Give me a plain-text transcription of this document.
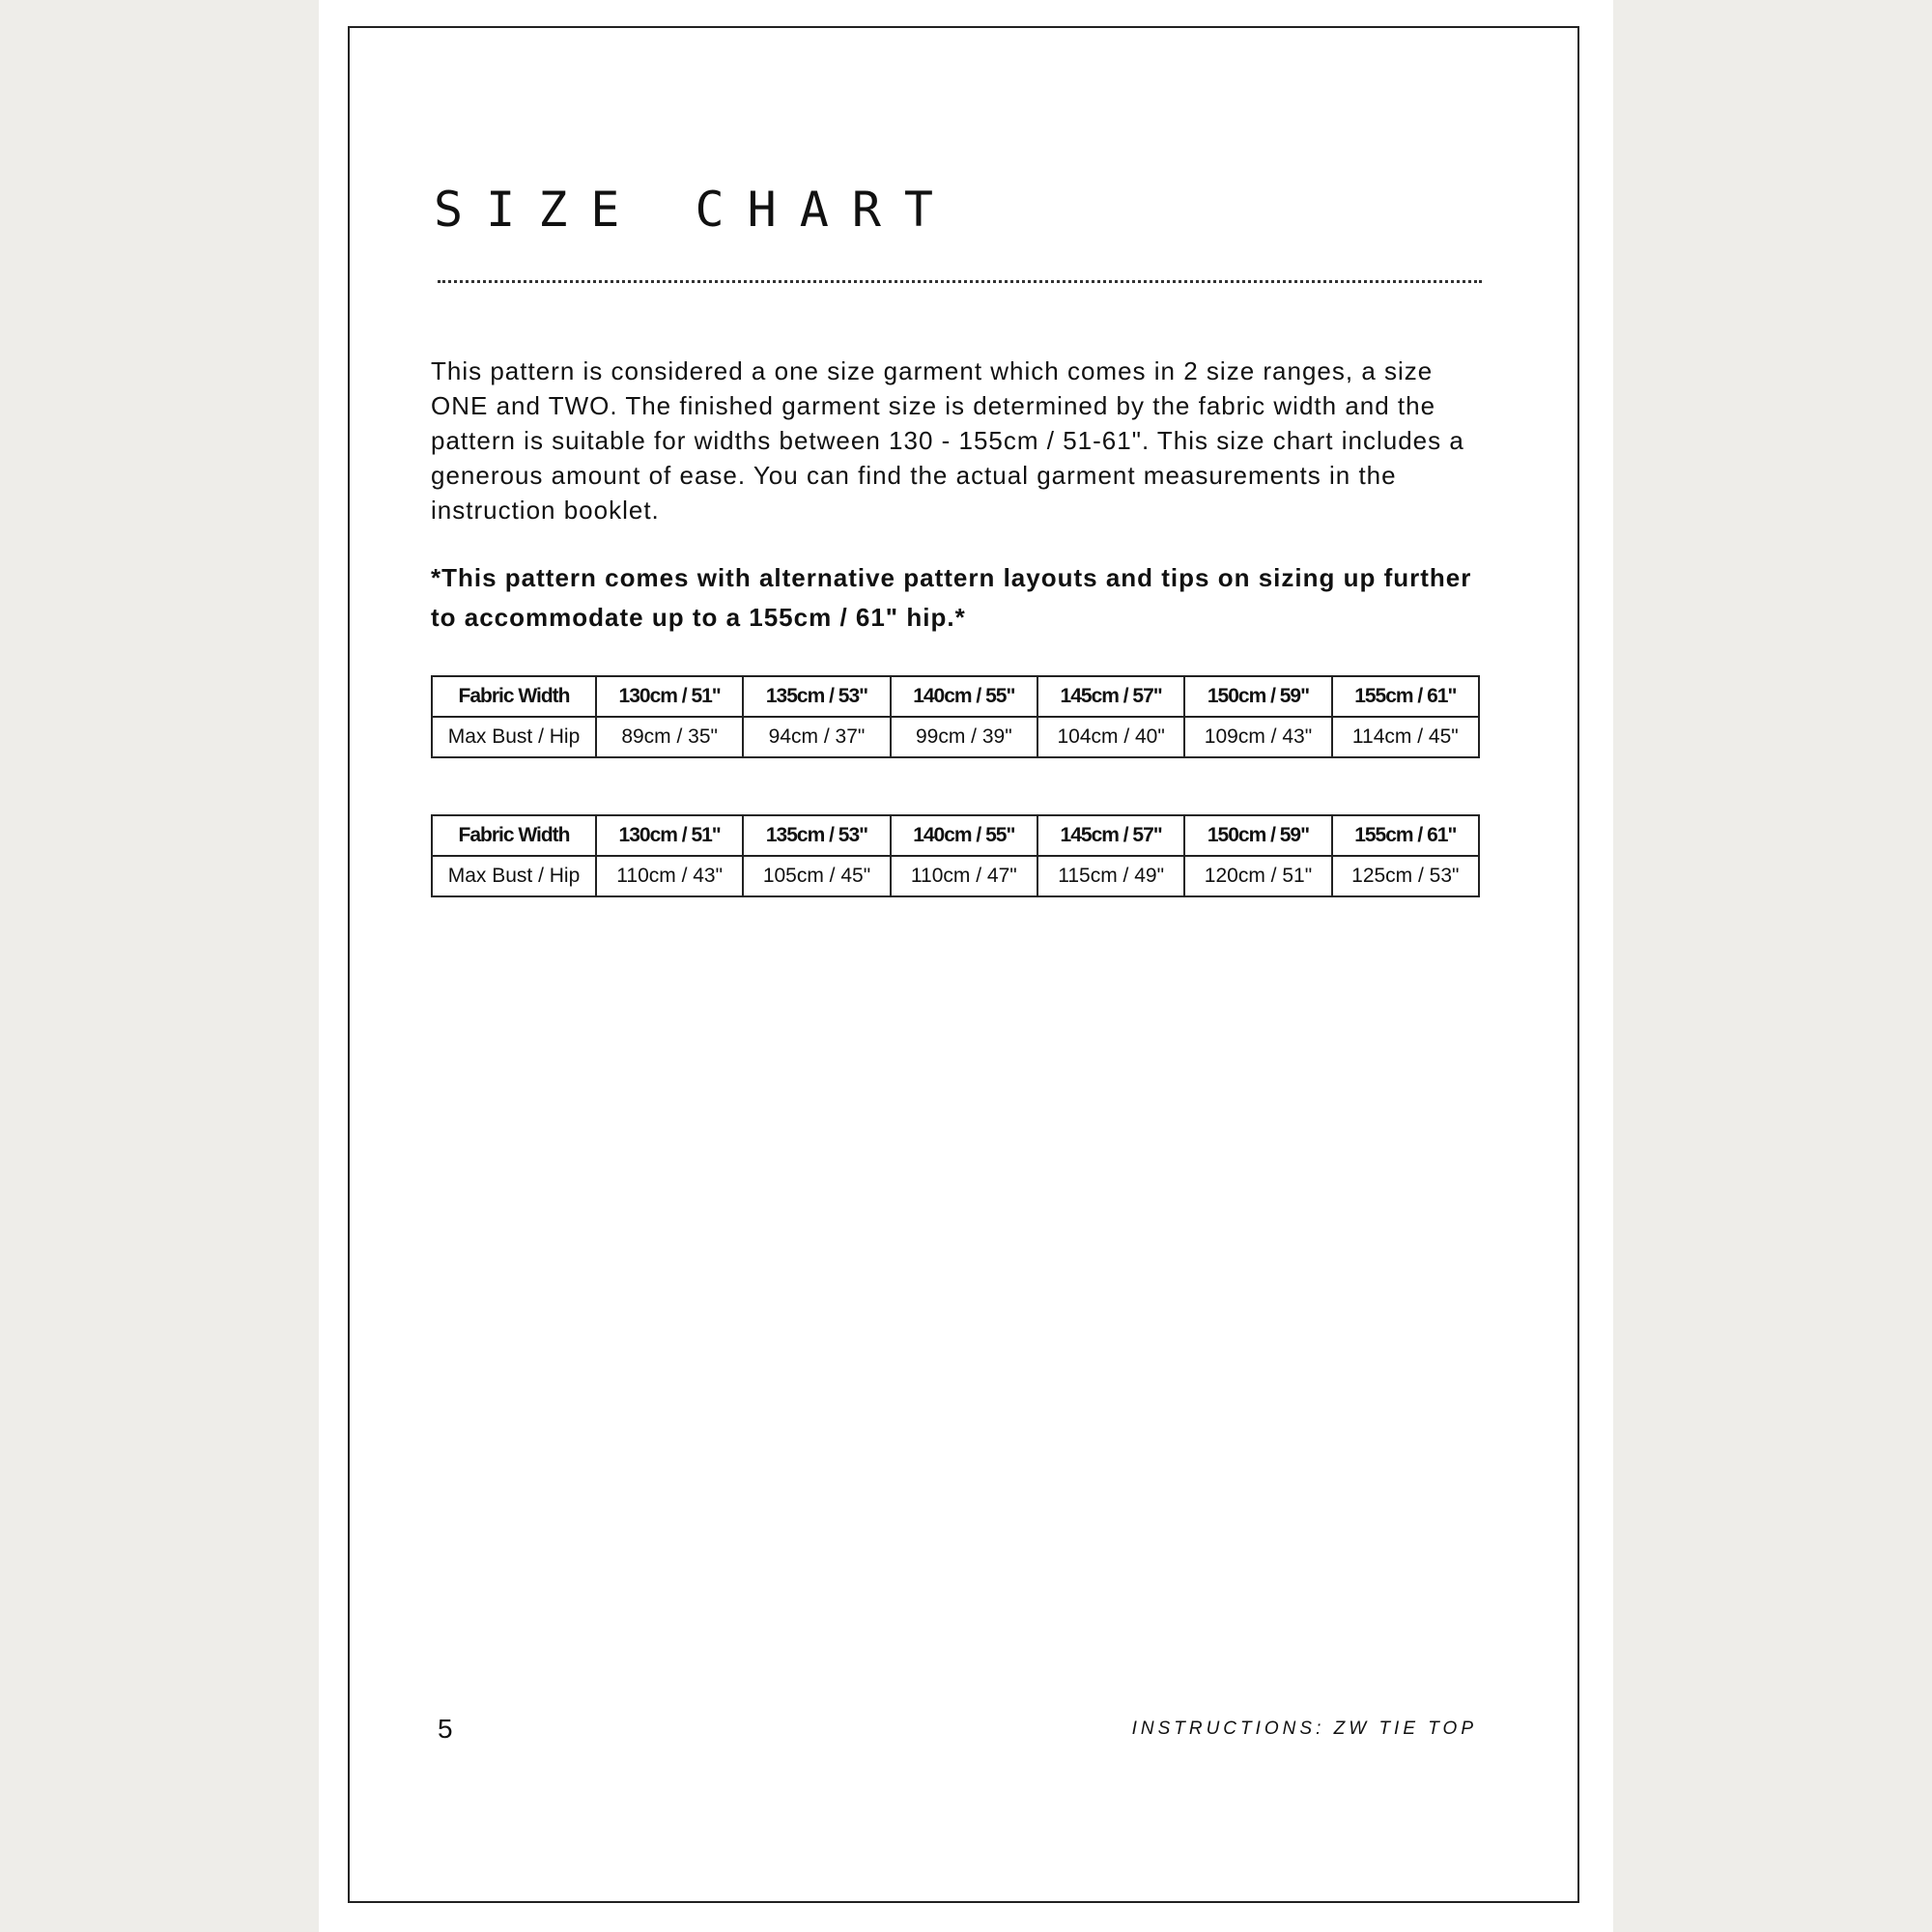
SIZE CHART

This pattern is considered a one size garment which comes in 2 size ranges, a size ONE and TWO. The finished garment size is determined by the fabric width and the pattern is suitable for widths between 130 - 155cm / 51-61". This size chart includes a generous amount of ease. You can find the actual garment measurements in the instruction booklet.

*This pattern comes with alternative pattern layouts and tips on sizing up further to accommodate up to a 155cm / 61" hip.*

Fabric Width	130cm / 51"	135cm / 53"	140cm / 55"	145cm / 57"	150cm / 59"	155cm / 61"
Max Bust / Hip	89cm / 35"	94cm / 37"	99cm / 39"	104cm / 40"	109cm / 43"	114cm / 45"
Fabric Width	130cm / 51"	135cm / 53"	140cm / 55"	145cm / 57"	150cm / 59"	155cm / 61"
Max Bust / Hip	110cm / 43"	105cm / 45"	110cm / 47"	115cm / 49"	120cm / 51"	125cm / 53"
5	INSTRUCTIONS: ZW TIE TOP
